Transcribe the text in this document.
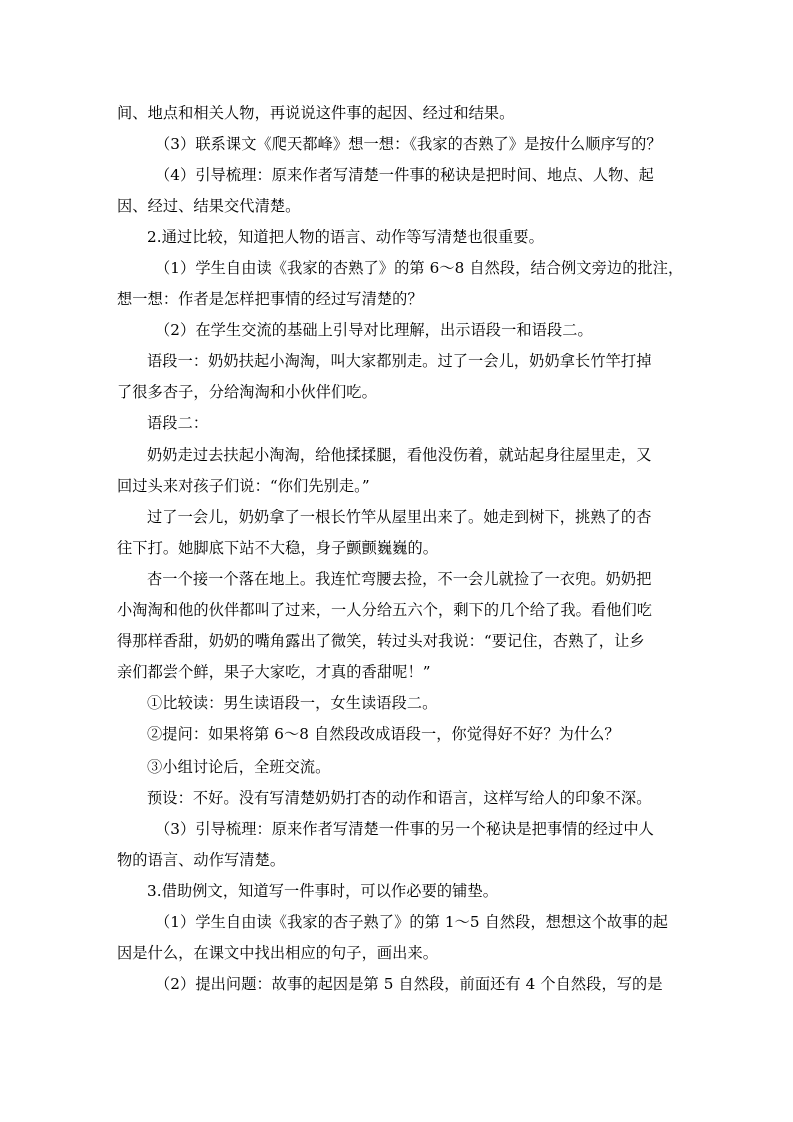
间、地点和相关人物，再说说这件事的起因、经过和结果。
（3）联系课文《爬天都峰》想一想：《我家的杏熟了》是按什么顺序写的？
（4）引导梳理：原来作者写清楚一件事的秘诀是把时间、地点、人物、起
因、经过、结果交代清楚。
2.通过比较，知道把人物的语言、动作等写清楚也很重要。
（1）学生自由读《我家的杏熟了》的第 6～8 自然段，结合例文旁边的批注，
想一想：作者是怎样把事情的经过写清楚的？
（2）在学生交流的基础上引导对比理解，出示语段一和语段二。
语段一：奶奶扶起小淘淘，叫大家都别走。过了一会儿，奶奶拿长竹竿打掉
了很多杏子，分给淘淘和小伙伴们吃。
语段二：
奶奶走过去扶起小淘淘，给他揉揉腿，看他没伤着，就站起身往屋里走，又
回过头来对孩子们说：“你们先别走。”
过了一会儿，奶奶拿了一根长竹竿从屋里出来了。她走到树下，挑熟了的杏
往下打。她脚底下站不大稳，身子颤颤巍巍的。
杏一个接一个落在地上。我连忙弯腰去捡，不一会儿就捡了一衣兜。奶奶把
小淘淘和他的伙伴都叫了过来，一人分给五六个，剩下的几个给了我。看他们吃
得那样香甜，奶奶的嘴角露出了微笑，转过头对我说：“要记住，杏熟了，让乡
亲们都尝个鲜，果子大家吃，才真的香甜呢！”
①比较读：男生读语段一，女生读语段二。
②提问：如果将第 6～8 自然段改成语段一，你觉得好不好？为什么？
③小组讨论后，全班交流。
预设：不好。没有写清楚奶奶打杏的动作和语言，这样写给人的印象不深。
（3）引导梳理：原来作者写清楚一件事的另一个秘诀是把事情的经过中人
物的语言、动作写清楚。
3.借助例文，知道写一件事时，可以作必要的铺垫。
（1）学生自由读《我家的杏子熟了》的第 1～5 自然段，想想这个故事的起
因是什么，在课文中找出相应的句子，画出来。
（2）提出问题：故事的起因是第 5 自然段，前面还有 4 个自然段，写的是
